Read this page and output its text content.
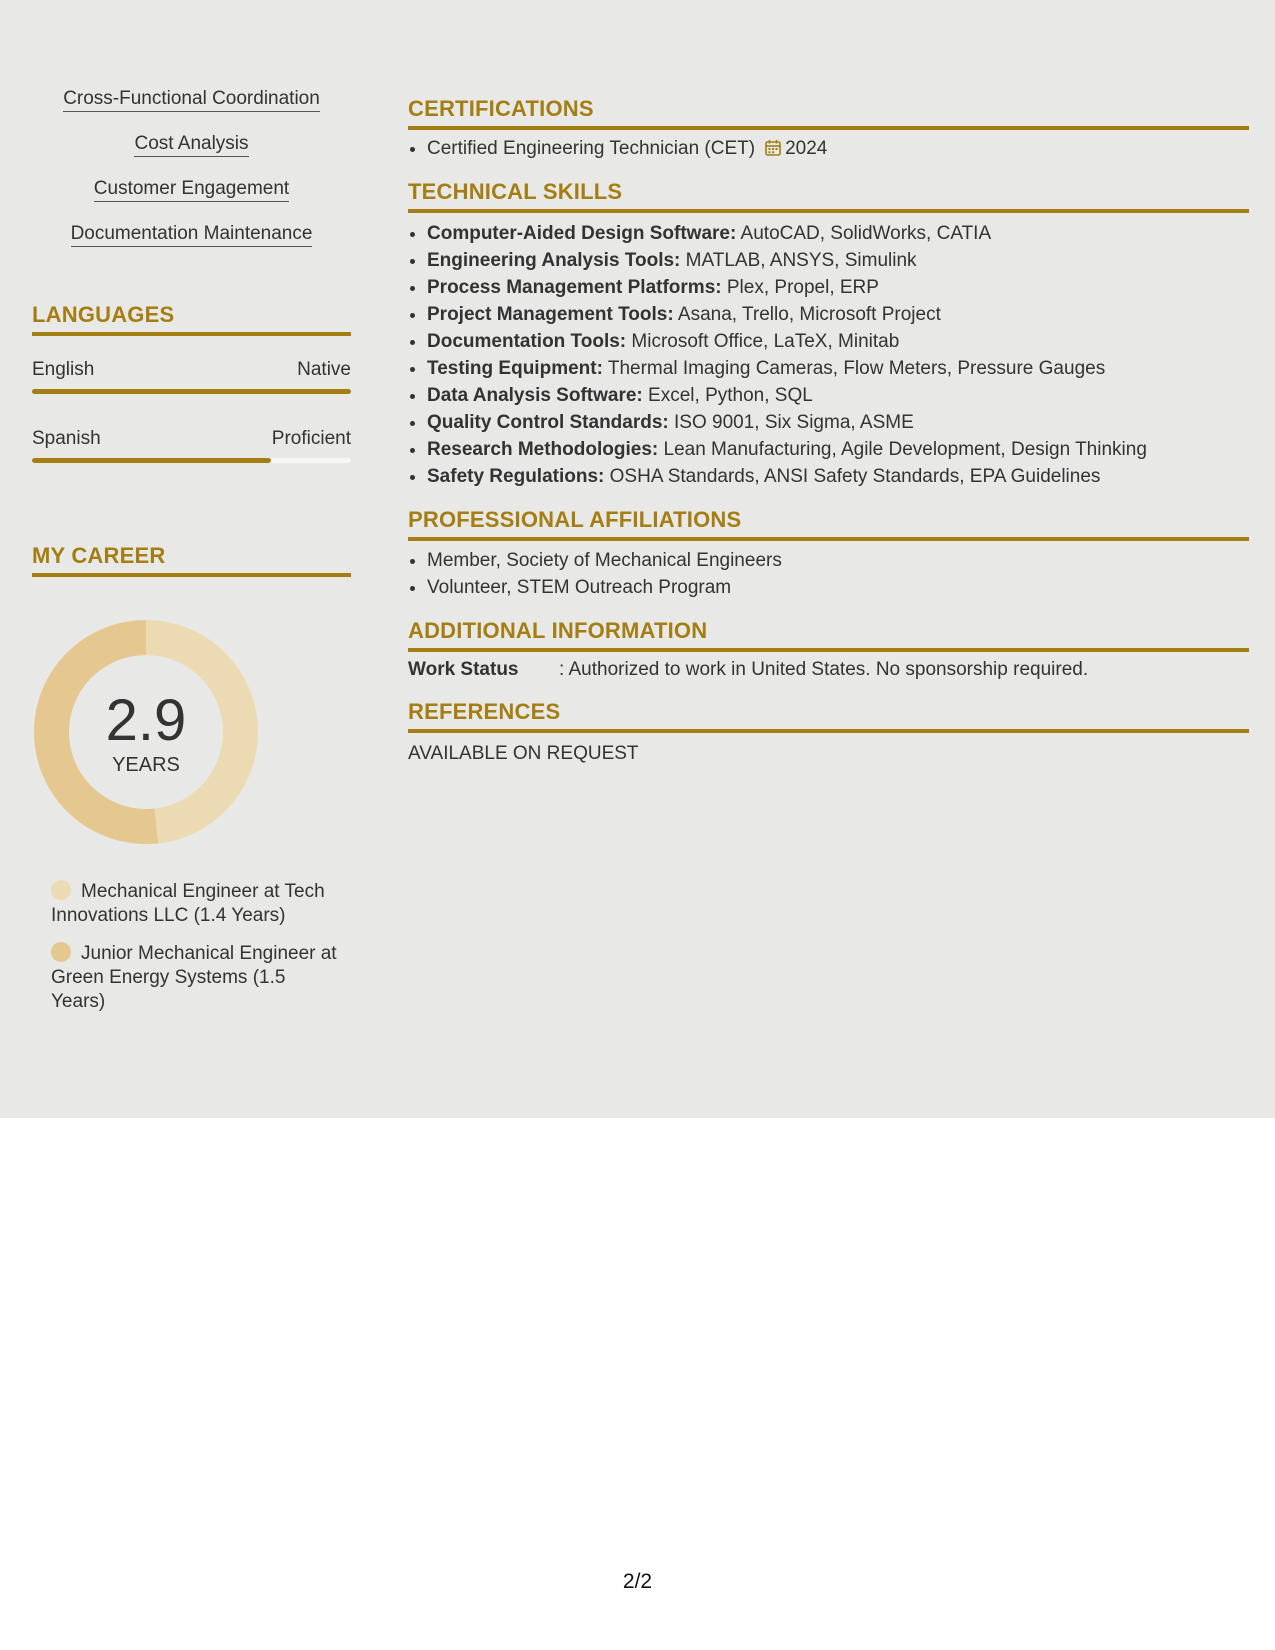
Cross-Functional Coordination
Cost Analysis
Customer Engagement
Documentation Maintenance
LANGUAGES
English	Native
Spanish	Proficient
MY CAREER
2.9
YEARS
Mechanical Engineer at Tech Innovations LLC (1.4 Years)
Junior Mechanical Engineer at Green Energy Systems (1.5 Years)
CERTIFICATIONS
• Certified Engineering Technician (CET) 2024
TECHNICAL SKILLS
• Computer-Aided Design Software: AutoCAD, SolidWorks, CATIA
• Engineering Analysis Tools: MATLAB, ANSYS, Simulink
• Process Management Platforms: Plex, Propel, ERP
• Project Management Tools: Asana, Trello, Microsoft Project
• Documentation Tools: Microsoft Office, LaTeX, Minitab
• Testing Equipment: Thermal Imaging Cameras, Flow Meters, Pressure Gauges
• Data Analysis Software: Excel, Python, SQL
• Quality Control Standards: ISO 9001, Six Sigma, ASME
• Research Methodologies: Lean Manufacturing, Agile Development, Design Thinking
• Safety Regulations: OSHA Standards, ANSI Safety Standards, EPA Guidelines
PROFESSIONAL AFFILIATIONS
• Member, Society of Mechanical Engineers
• Volunteer, STEM Outreach Program
ADDITIONAL INFORMATION
Work Status : Authorized to work in United States. No sponsorship required.
REFERENCES
AVAILABLE ON REQUEST
2/2
